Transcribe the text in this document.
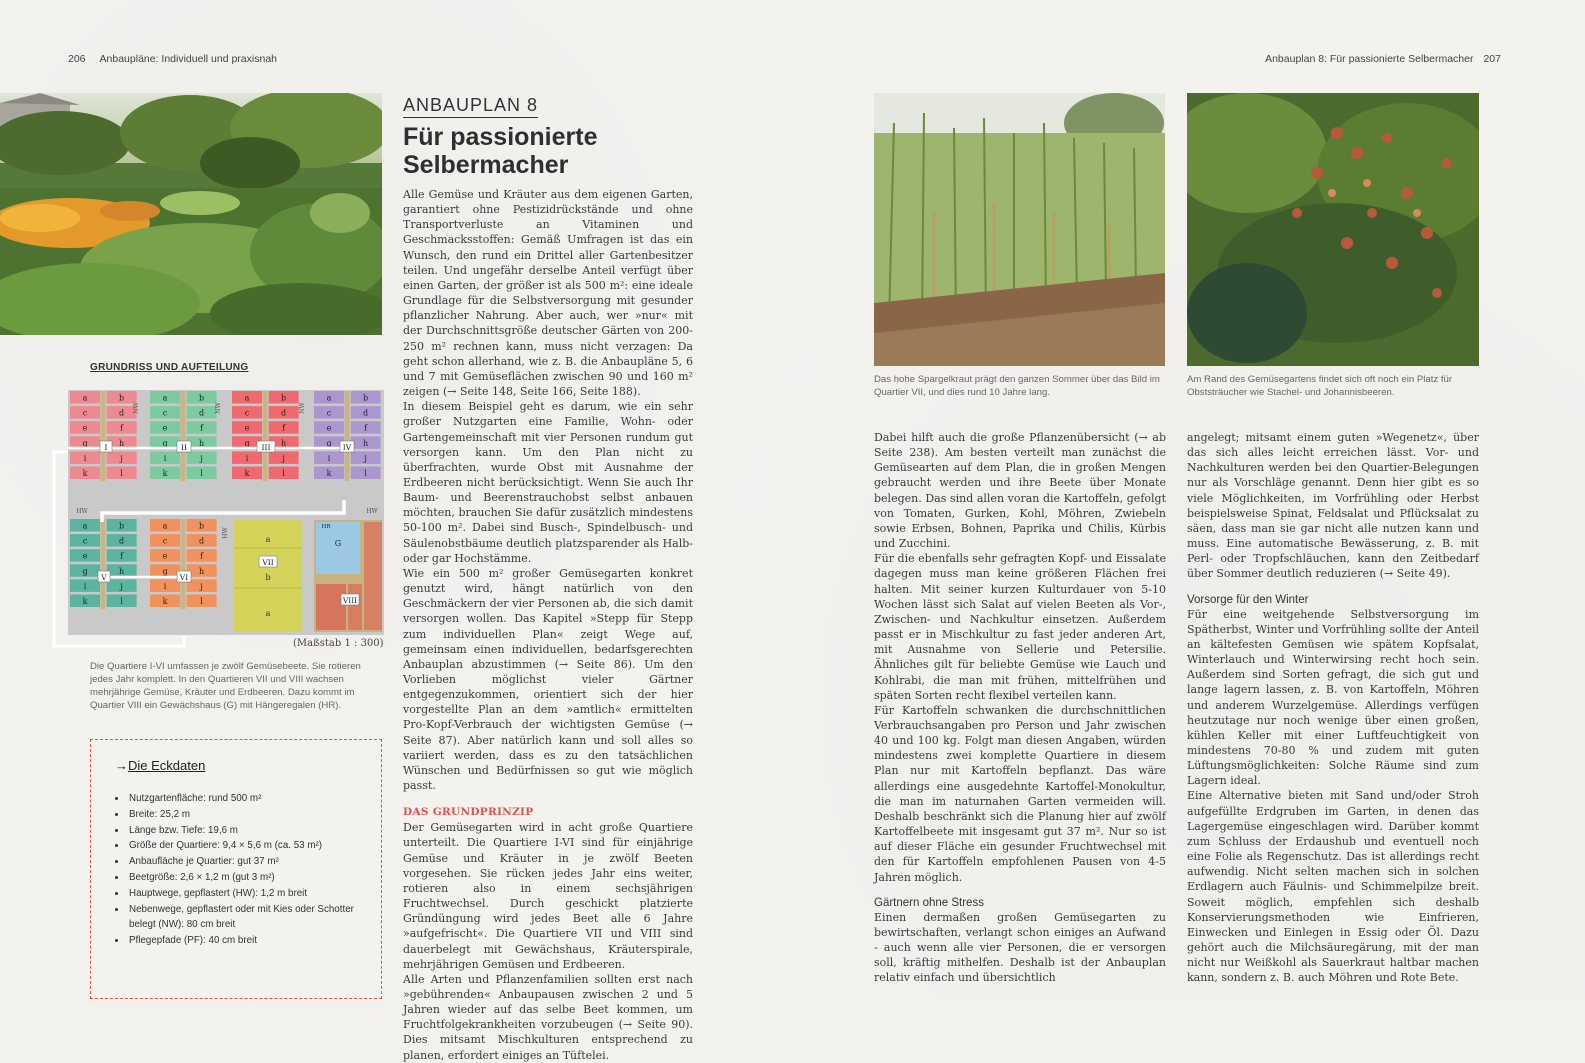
206 Anbaupläne: Individuell und praxisnah	Anbauplan 8: Für passionierte Selbermacher 207
GRUNDRISS UND AUFTEILUNG
a	b
c	d
e	f
g	h
i	j
k	l
a	b
c	d
e	f
g	h
i	j
k	l
a	b
c	d
e	f
g	h
i	j
k	l
a	b
c	d
e	f
g	h
i	j
k	l
a	b
c	d
e	f
g	h
i	j
k	l
a	b
c	d
e	f
g	h
i	j
k	l
NW	NW	NW
HW	HW
HW
a
b
a
G
HR
I	II	III	IV
V	VI
VII
VIII
(Maßstab 1 : 300)
Die Quartiere I-VI umfassen je zwölf Gemüsebeete. Sie rotieren jedes Jahr komplett. In den Quartieren VII und VIII wachsen mehrjährige Gemüse, Kräuter und Erdbeeren. Dazu kommt im Quartier VIII ein Gewächshaus (G) mit Hängeregalen (HR).
→Die Eckdaten
• Nutzgartenfläche: rund 500 m²
• Breite: 25,2 m
• Länge bzw. Tiefe: 19,6 m
• Größe der Quartiere: 9,4 × 5,6 m (ca. 53 m²)
• Anbaufläche je Quartier: gut 37 m²
• Beetgröße: 2,6 × 1,2 m (gut 3 m²)
• Hauptwege, gepflastert (HW): 1,2 m breit
• Nebenwege, gepflastert oder mit Kies oder Schotter belegt (NW): 80 cm breit
• Pflegepfade (PF): 40 cm breit
ANBAUPLAN 8
Für passionierte
Selbermacher

Alle Gemüse und Kräuter aus dem eigenen Garten, garantiert ohne Pestizidrückstände und ohne Transportverluste an Vitaminen und Geschmacksstoffen: Gemäß Umfragen ist das ein Wunsch, den rund ein Drittel aller Gartenbesitzer teilen. Und ungefähr derselbe Anteil verfügt über einen Garten, der größer ist als 500 m²: eine ideale Grundlage für die Selbstversorgung mit gesunder pflanzlicher Nahrung. Aber auch, wer »nur« mit der Durchschnittsgröße deutscher Gärten von 200-250 m² rechnen kann, muss nicht verzagen: Da geht schon allerhand, wie z. B. die Anbaupläne 5, 6 und 7 mit Gemüseflächen zwischen 90 und 160 m² zeigen (→ Seite 148, Seite 166, Seite 188).

In diesem Beispiel geht es darum, wie ein sehr großer Nutzgarten eine Familie, Wohn- oder Gartengemeinschaft mit vier Personen rundum gut versorgen kann. Um den Plan nicht zu überfrachten, wurde Obst mit Ausnahme der Erdbeeren nicht berücksichtigt. Wenn Sie auch Ihr Baum- und Beerenstrauchobst selbst anbauen möchten, brauchen Sie dafür zusätzlich mindestens 50-100 m². Dabei sind Busch-, Spindelbusch- und Säulenobstbäume deutlich platzsparender als Halb- oder gar Hochstämme.

Wie ein 500 m² großer Gemüsegarten konkret genutzt wird, hängt natürlich von den Geschmäckern der vier Personen ab, die sich damit versorgen wollen. Das Kapitel »Stepp für Stepp zum individuellen Plan« zeigt Wege auf, gemeinsam einen individuellen, bedarfsgerechten Anbauplan abzustimmen (→ Seite 86). Um den Vorlieben möglichst vieler Gärtner entgegenzukommen, orientiert sich der hier vorgestellte Plan an dem »amtlich« ermittelten Pro-Kopf-Verbrauch der wichtigsten Gemüse (→ Seite 87). Aber natürlich kann und soll alles so variiert werden, dass es zu den tatsächlichen Wünschen und Bedürfnissen so gut wie möglich passt.

DAS GRUNDPRINZIP

Der Gemüsegarten wird in acht große Quartiere unterteilt. Die Quartiere I-VI sind für einjährige Gemüse und Kräuter in je zwölf Beeten vorgesehen. Sie rücken jedes Jahr eins weiter, rotieren also in einem sechsjährigen Fruchtwechsel. Durch geschickt platzierte Gründüngung wird jedes Beet alle 6 Jahre »aufgefrischt«. Die Quartiere VII und VIII sind dauerbelegt mit Gewächshaus, Kräuterspirale, mehrjährigen Gemüsen und Erdbeeren.

Alle Arten und Pflanzenfamilien sollten erst nach »gebührenden« Anbaupausen zwischen 2 und 5 Jahren wieder auf das selbe Beet kommen, um Fruchtfolgekrankheiten vorzubeugen (→ Seite 90). Dies mitsamt Mischkulturen entsprechend zu planen, erfordert einiges an Tüftelei.

Das hohe Spargelkraut prägt den ganzen Sommer über das Bild im Quartier VII, und dies rund 10 Jahre lang.
Am Rand des Gemüsegartens findet sich oft noch ein Platz für Obststräucher wie Stachel- und Johannisbeeren.

Dabei hilft auch die große Pflanzenübersicht (→ ab Seite 238). Am besten verteilt man zunächst die Gemüsearten auf dem Plan, die in großen Mengen gebraucht werden und ihre Beete über Monate belegen. Das sind allen voran die Kartoffeln, gefolgt von Tomaten, Gurken, Kohl, Möhren, Zwiebeln sowie Erbsen, Bohnen, Paprika und Chilis, Kürbis und Zucchini.

Für die ebenfalls sehr gefragten Kopf- und Eissalate dagegen muss man keine größeren Flächen frei halten. Mit seiner kurzen Kulturdauer von 5-10 Wochen lässt sich Salat auf vielen Beeten als Vor-, Zwischen- und Nachkultur einsetzen. Außerdem passt er in Mischkultur zu fast jeder anderen Art, mit Ausnahme von Sellerie und Petersilie. Ähnliches gilt für beliebte Gemüse wie Lauch und Kohlrabi, die man mit frühen, mittelfrühen und späten Sorten recht flexibel verteilen kann.

Für Kartoffeln schwanken die durchschnittlichen Verbrauchsangaben pro Person und Jahr zwischen 40 und 100 kg. Folgt man diesen Angaben, würden mindestens zwei komplette Quartiere in diesem Plan nur mit Kartoffeln bepflanzt. Das wäre allerdings eine ausgedehnte Kartoffel-Monokultur, die man im naturnahen Garten vermeiden will. Deshalb beschränkt sich die Planung hier auf zwölf Kartoffelbeete mit insgesamt gut 37 m². Nur so ist auf dieser Fläche ein gesunder Fruchtwechsel mit den für Kartoffeln empfohlenen Pausen von 4-5 Jahren möglich.

Gärtnern ohne Stress
Einen dermaßen großen Gemüsegarten zu bewirtschaften, verlangt schon einiges an Aufwand - auch wenn alle vier Personen, die er versorgen soll, kräftig mithelfen. Deshalb ist der Anbauplan relativ einfach und übersichtlich

angelegt; mitsamt einem guten »Wegenetz«, über das sich alles leicht erreichen lässt. Vor- und Nachkulturen werden bei den Quartier-Belegungen nur als Vorschläge genannt. Denn hier gibt es so viele Möglichkeiten, im Vorfrühling oder Herbst beispielsweise Spinat, Feldsalat und Pflücksalat zu säen, dass man sie gar nicht alle nutzen kann und muss. Eine automatische Bewässerung, z. B. mit Perl- oder Tropfschläuchen, kann den Zeitbedarf über Sommer deutlich reduzieren (→ Seite 49).

Vorsorge für den Winter

Für eine weitgehende Selbstversorgung im Spätherbst, Winter und Vorfrühling sollte der Anteil an kältefesten Gemüsen wie spätem Kopfsalat, Winterlauch und Winterwirsing recht hoch sein. Außerdem sind Sorten gefragt, die sich gut und lange lagern lassen, z. B. von Kartoffeln, Möhren und anderem Wurzelgemüse. Allerdings verfügen heutzutage nur noch wenige über einen großen, kühlen Keller mit einer Luftfeuchtigkeit von mindestens 70-80 % und zudem mit guten Lüftungsmöglichkeiten: Solche Räume sind zum Lagern ideal.

Eine Alternative bieten mit Sand und/oder Stroh aufgefüllte Erdgruben im Garten, in denen das Lagergemüse eingeschlagen wird. Darüber kommt zum Schluss der Erdaushub und eventuell noch eine Folie als Regenschutz. Das ist allerdings recht aufwendig. Nicht selten machen sich in solchen Erdlagern auch Fäulnis- und Schimmelpilze breit. Soweit möglich, empfehlen sich deshalb Konservierungsmethoden wie Einfrieren, Einwecken und Einlegen in Essig oder Öl. Dazu gehört auch die Milchsäuregärung, mit der man nicht nur Weißkohl als Sauerkraut haltbar machen kann, sondern z. B. auch Möhren und Rote Bete.
